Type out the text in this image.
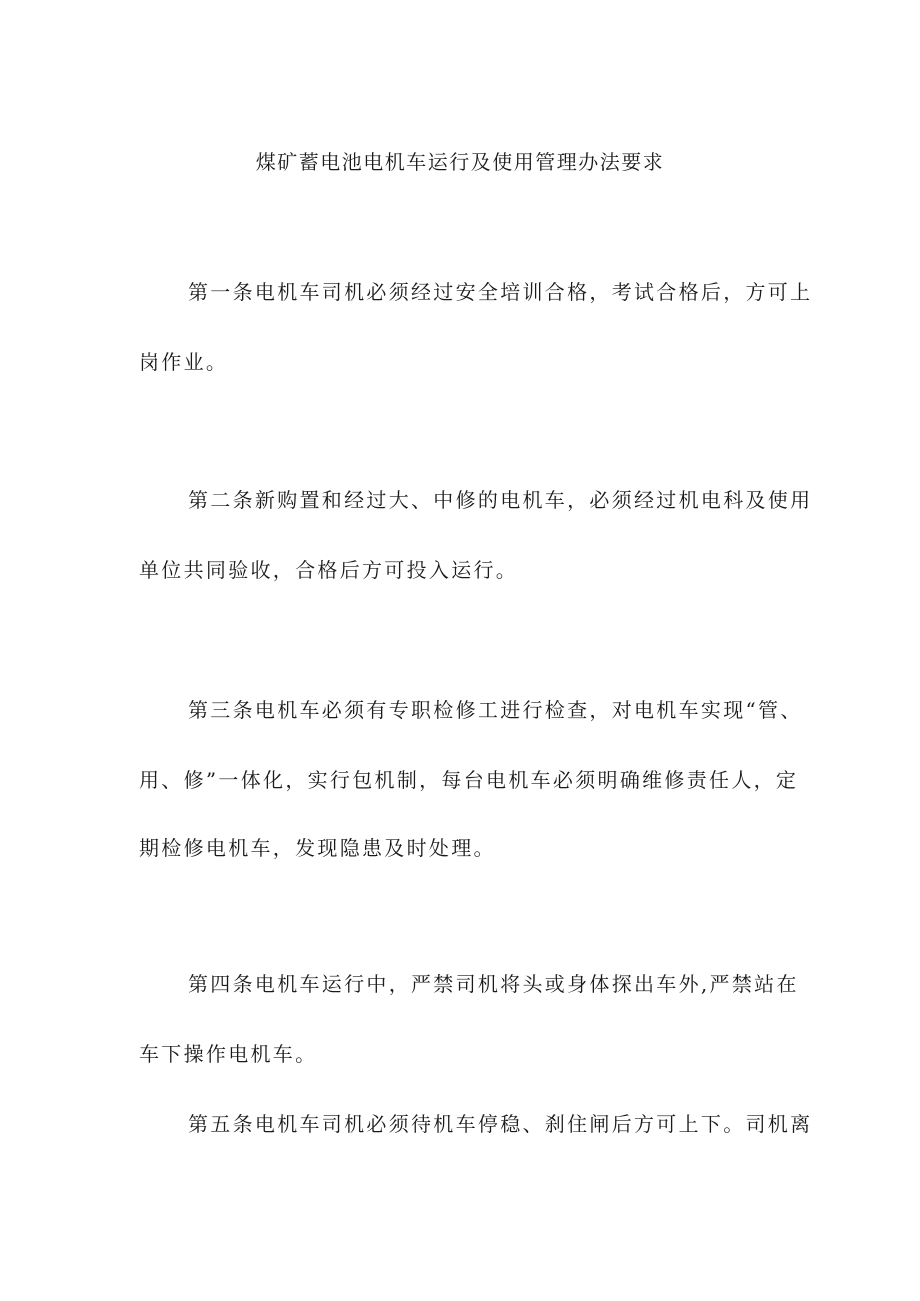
煤矿蓄电池电机车运行及使用管理办法要求

第一条电机车司机必须经过安全培训合格，考试合格后，方可上

岗作业。

第二条新购置和经过大、中修的电机车，必须经过机电科及使用

单位共同验收，合格后方可投入运行。

第三条电机车必须有专职检修工进行检查，对电机车实现“管、

用、修”一体化，实行包机制，每台电机车必须明确维修责任人，定

期检修电机车，发现隐患及时处理。

第四条电机车运行中，严禁司机将头或身体探出车外,严禁站在

车下操作电机车。

第五条电机车司机必须待机车停稳、刹住闸后方可上下。司机离
